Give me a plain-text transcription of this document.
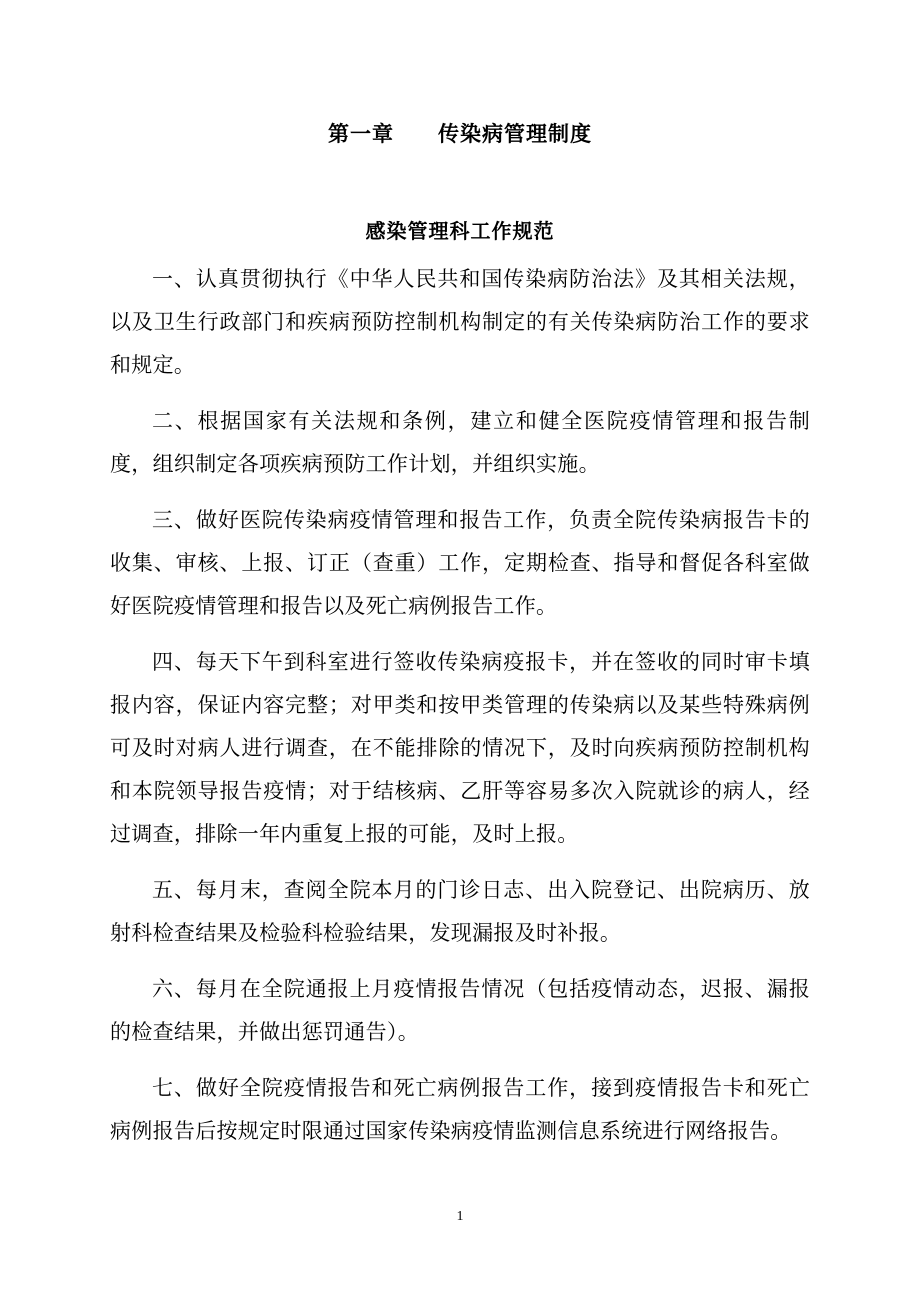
第一章 传染病管理制度
感染管理科工作规范

一、认真贯彻执行《中华人民共和国传染病防治法》及其相关法规，以及卫生行政部门和疾病预防控制机构制定的有关传染病防治工作的要求和规定。

二、根据国家有关法规和条例，建立和健全医院疫情管理和报告制度，组织制定各项疾病预防工作计划，并组织实施。

三、做好医院传染病疫情管理和报告工作，负责全院传染病报告卡的收集、审核、上报、订正（查重）工作，定期检查、指导和督促各科室做好医院疫情管理和报告以及死亡病例报告工作。

四、每天下午到科室进行签收传染病疫报卡，并在签收的同时审卡填报内容，保证内容完整；对甲类和按甲类管理的传染病以及某些特殊病例可及时对病人进行调查，在不能排除的情况下，及时向疾病预防控制机构和本院领导报告疫情；对于结核病、乙肝等容易多次入院就诊的病人，经过调查，排除一年内重复上报的可能，及时上报。

五、每月末，查阅全院本月的门诊日志、出入院登记、出院病历、放射科检查结果及检验科检验结果，发现漏报及时补报。

六、每月在全院通报上月疫情报告情况（包括疫情动态，迟报、漏报的检查结果，并做出惩罚通告）。

七、做好全院疫情报告和死亡病例报告工作，接到疫情报告卡和死亡病例报告后按规定时限通过国家传染病疫情监测信息系统进行网络报告。

1
